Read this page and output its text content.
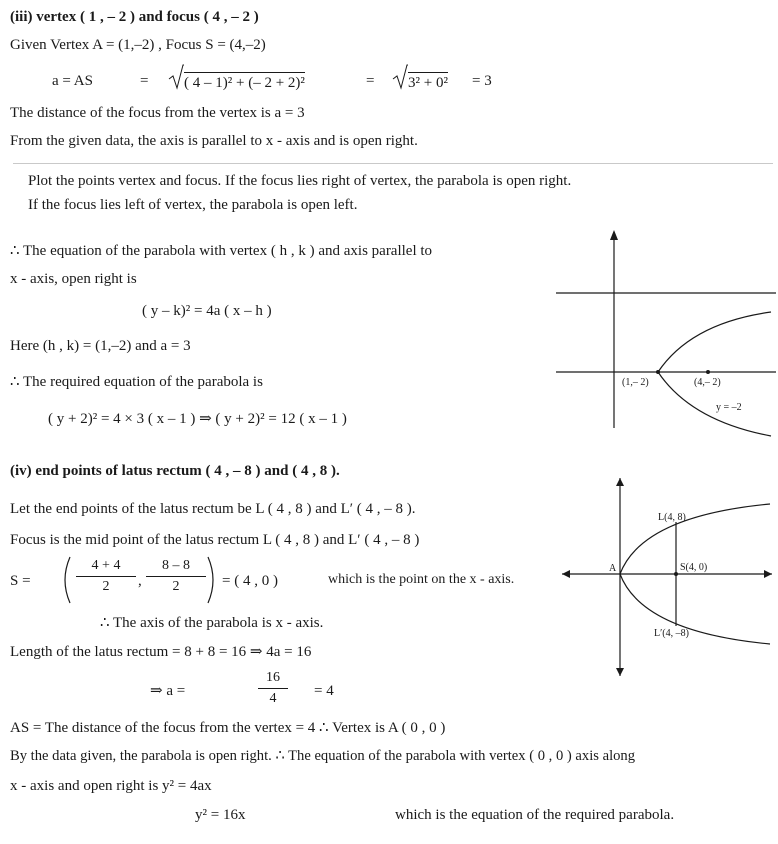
(iii) vertex ( 1 , – 2 ) and focus ( 4 , – 2 )
Given Vertex A = (1,–2) , Focus S = (4,–2)
a = AS	= ( 4 – 1)² + (– 2 + 2)²	= 3² + 0² = 3
The distance of the focus from the vertex is a = 3
From the given data, the axis is parallel to x - axis and is open right.
Plot the points vertex and focus. If the focus lies right of vertex, the parabola is open right.
If the focus lies left of vertex, the parabola is open left.
∴ The equation of the parabola with vertex ( h , k ) and axis parallel to
x - axis, open right is
( y – k)² = 4a ( x – h )
Here (h , k) = (1,–2) and a = 3
∴ The required equation of the parabola is
( y + 2)² = 4 × 3 ( x – 1 ) ⇒ ( y + 2)² = 12 ( x – 1 )
(1,– 2)	(4,– 2)
y = –2
(iv) end points of latus rectum ( 4 , – 8 ) and ( 4 , 8 ).
Let the end points of the latus rectum be L ( 4 , 8 ) and L′ ( 4 , – 8 ).
Focus is the mid point of the latus rectum L ( 4 , 8 ) and L′ ( 4 , – 8 )
S =
4 + 4
2	,
8 – 8
2	= ( 4 , 0 )	which is the point on the x - axis.
∴ The axis of the parabola is x - axis.
Length of the latus rectum = 8 + 8 = 16 ⇒ 4a = 16
⇒ a =
16
4	= 4
AS = The distance of the focus from the vertex = 4 ∴ Vertex is A ( 0 , 0 )
By the data given, the parabola is open right. ∴ The equation of the parabola with vertex ( 0 , 0 ) axis along
x - axis and open right is y² = 4ax
y² = 16x	which is the equation of the required parabola.
L(4, 8)
S(4, 0)
L′(4, –8)
A
